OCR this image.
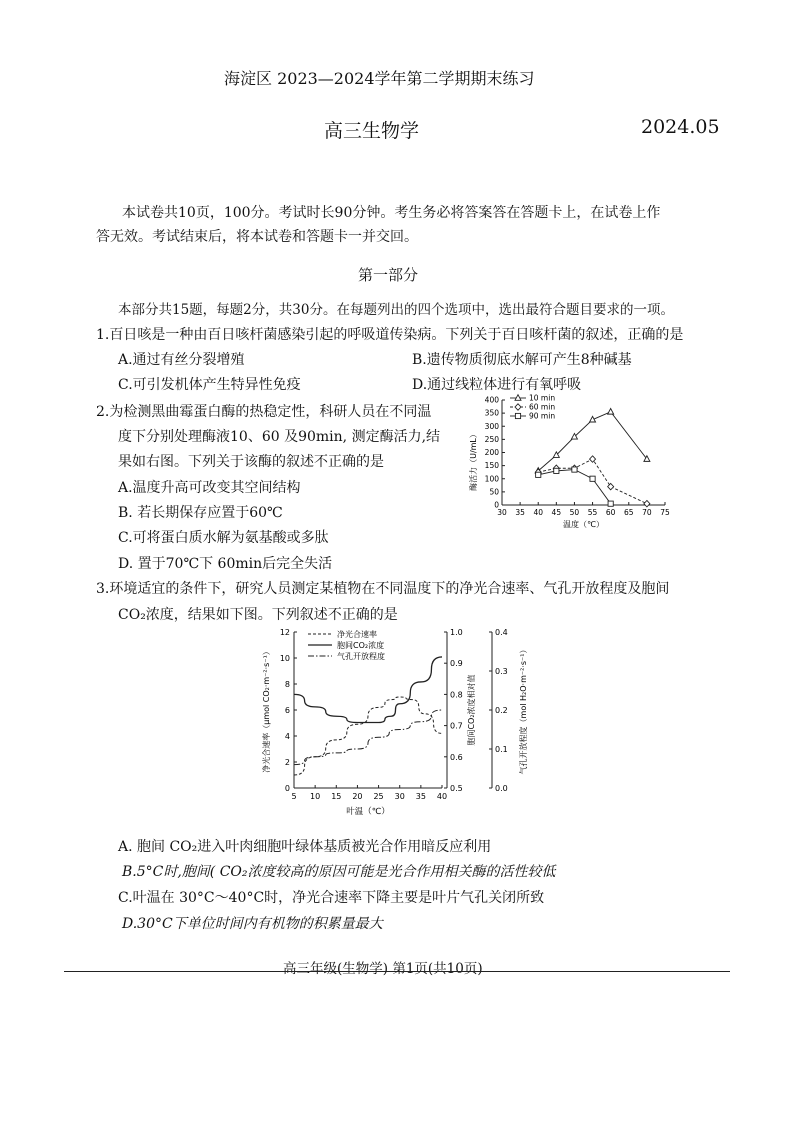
海淀区 2023—2024学年第二学期期末练习
高三生物学	2024.05
本试卷共10页，100分。考试时长90分钟。考生务必将答案答在答题卡上，在试卷上作
答无效。考试结束后，将本试卷和答题卡一并交回。
第一部分
本部分共15题，每题2分，共30分。在每题列出的四个选项中，选出最符合题目要求的一项。
1.百日咳是一种由百日咳杆菌感染引起的呼吸道传染病。下列关于百日咳杆菌的叙述，正确的是
A.通过有丝分裂增殖	B.遗传物质彻底水解可产生8种碱基
C.可引发机体产生特异性免疫	D.通过线粒体进行有氧呼吸
2.为检测黑曲霉蛋白酶的热稳定性，科研人员在不同温
度下分别处理酶液10、60 及90min, 测定酶活力,结
果如右图。下列关于该酶的叙述不正确的是
A.温度升高可改变其空间结构
B. 若长期保存应置于60℃
C.可将蛋白质水解为氨基酸或多肽
D. 置于70℃下 60min后完全失活
0
50
100
150
200
250
300
350
400
30 35 40 45 50 55 60 65 70 75
温度（℃）
酶活力（U/mL）
10 min
60 min
90 min
3.环境适宜的条件下，研究人员测定某植物在不同温度下的净光合速率、气孔开放程度及胞间
CO₂浓度，结果如下图。下列叙述不正确的是
0
2
4
6
8
10
12
0.5
0.6
0.7
0.8
0.9
1.0
0.0
0.1
0.2
0.3
0.4
5 10 15 20 25 30 35 40
叶温（℃）
净光合速率（μmol CO₂·m⁻²·s⁻¹）	胞间CO₂浓度相对值	气孔开放程度（mol H₂O·m⁻²·s⁻¹）
净光合速率
胞间CO₂浓度
气孔开放程度
A. 胞间 CO₂进入叶肉细胞叶绿体基质被光合作用暗反应利用
B.5°C时,胞间( CO₂浓度较高的原因可能是光合作用相关酶的活性较低
C.叶温在 30°C～40°C时，净光合速率下降主要是叶片气孔关闭所致
D.30°C下单位时间内有机物的积累量最大
高三年级(生物学) 第1页(共10页)
